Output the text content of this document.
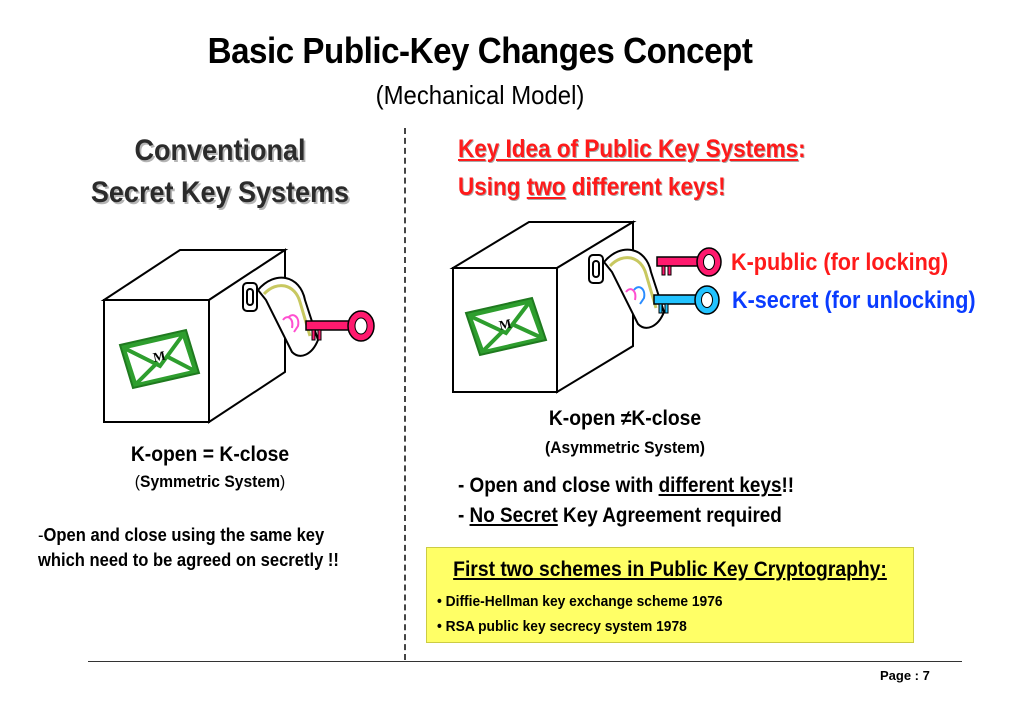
Basic Public-Key Changes Concept
(Mechanical Model)
Conventional
Secret Key Systems
Key Idea of Public Key Systems:
Using two different keys!
M
M
K-public (for locking)
K-secret (for unlocking)
K-open = K-close
(Symmetric System)
-Open and close using the same key
which need to be agreed on secretly !!
K-open ≠K-close
(Asymmetric System)
- Open and close with different keys!!
- No Secret Key Agreement required
First two schemes in Public Key Cryptography:
• Diffie-Hellman key exchange scheme 1976
• RSA public key secrecy system 1978
Page : 7
